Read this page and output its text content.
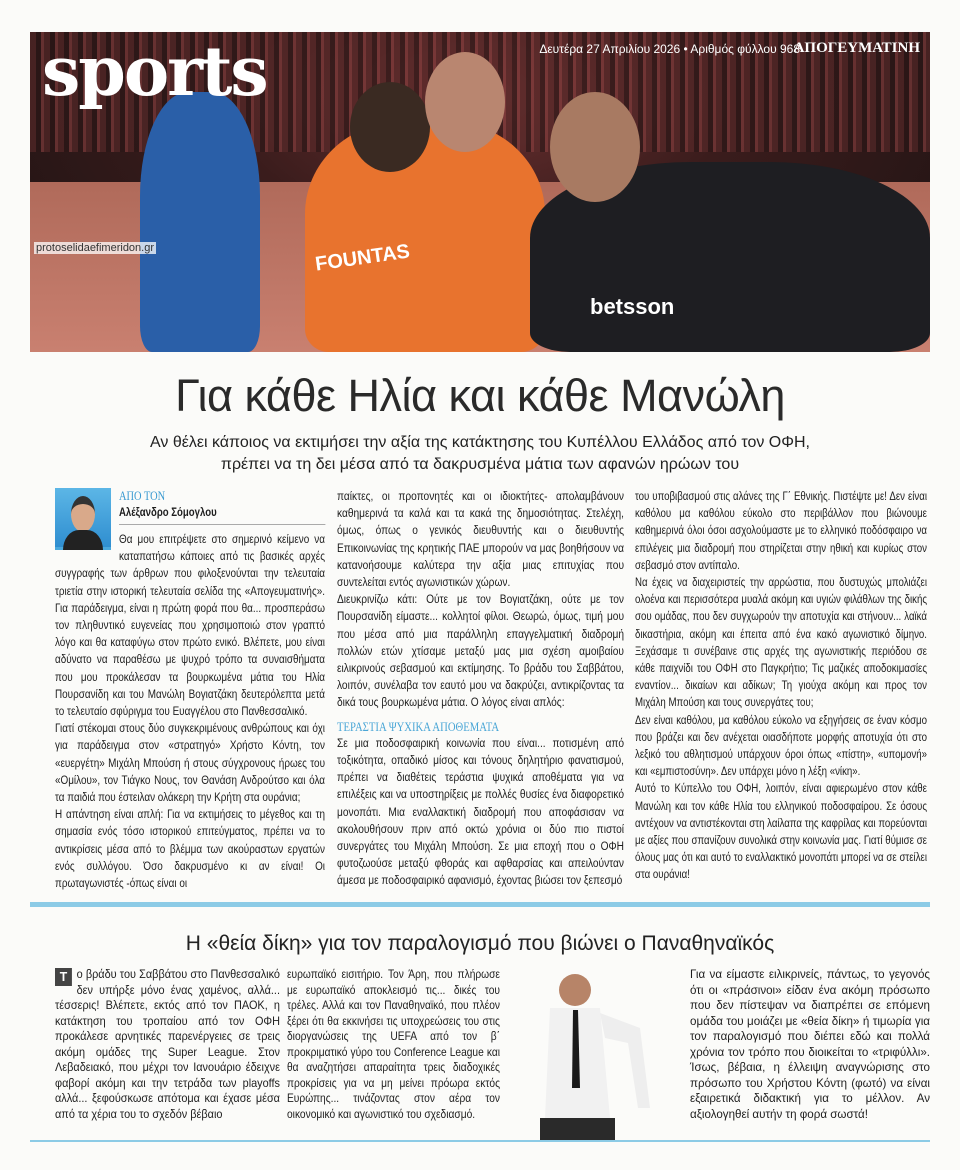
FOUNTAS
betsson
sports	Δευτέρα 27 Απριλίου 2026 • Αριθμός φύλλου 968
ΑΠΟΓΕΥΜΑΤΙΝΗ
protoselidaefimeridon.gr
Για κάθε Ηλία και κάθε Μανώλη
Αν θέλει κάποιος να εκτιμήσει την αξία της κατάκτησης του Κυπέλλου Ελλάδος από τον ΟΦΗ, πρέπει να τη δει μέσα από τα δακρυσμένα μάτια των αφανών ηρώων του
ΑΠΟ ΤΟΝ
Αλέξανδρο Σόμογλου

Θα μου επιτρέψετε στο σημερινό κείμενο να καταπατήσω κάποιες από τις βασικές αρχές συγγραφής των άρθρων που φιλοξενούνται την τελευταία τριετία στην ιστορική τελευταία σελίδα της «Απογευματινής». Για παράδειγμα, είναι η πρώτη φορά που θα... προσπεράσω τον πληθυντικό ευγενείας που χρησιμοποιώ στον γραπτό λόγο και θα καταφύγω στον πρώτο ενικό. Βλέπετε, μου είναι αδύνατο να παραθέσω με ψυχρό τρόπο τα συναισθήματα που μου προκάλεσαν τα βουρκωμένα μάτια του Ηλία Πουρσανίδη και του Μανώλη Βογιατζάκη δευτερόλεπτα μετά το τελευταίο σφύριγμα του Ευαγγέλου στο Πανθεσσαλικό.

Γιατί στέκομαι στους δύο συγκεκριμένους ανθρώπους και όχι για παράδειγμα στον «στρατηγό» Χρήστο Κόντη, τον «ευεργέτη» Μιχάλη Μπούση ή στους σύγχρονους ήρωες του «Ομίλου», τον Τιάγκο Νους, τον Θανάση Ανδρούτσο και όλα τα παιδιά που έστειλαν ολάκερη την Κρήτη στα ουράνια;

Η απάντηση είναι απλή: Για να εκτιμήσεις το μέγεθος και τη σημασία ενός τόσο ιστορικού επιτεύγματος, πρέπει να το αντικρίσεις μέσα από το βλέμμα των ακούραστων εργατών ενός συλλόγου. Όσο δακρυσμένο κι αν είναι! Οι πρωταγωνιστές -όπως είναι οι

παίκτες, οι προπονητές και οι ιδιοκτήτες- απολαμβάνουν καθημερινά τα καλά και τα κακά της δημοσιότητας. Στελέχη, όμως, όπως ο γενικός διευθυντής και ο διευθυντής Επικοινωνίας της κρητικής ΠΑΕ μπορούν να μας βοηθήσουν να κατανοήσουμε καλύτερα την αξία μιας επιτυχίας που συντελείται εντός αγωνιστικών χώρων.

Διευκρινίζω κάτι: Ούτε με τον Βογιατζάκη, ούτε με τον Πουρσανίδη είμαστε... κολλητοί φίλοι. Θεωρώ, όμως, τιμή μου που μέσα από μια παράλληλη επαγγελματική διαδρομή πολλών ετών χτίσαμε μεταξύ μας μια σχέση αμοιβαίου ειλικρινούς σεβασμού και εκτίμησης. Το βράδυ του Σαββάτου, λοιπόν, συνέλαβα τον εαυτό μου να δακρύζει, αντικρίζοντας τα δικά τους βουρκωμένα μάτια. Ο λόγος είναι απλός:

ΤΕΡΑΣΤΙΑ ΨΥΧΙΚΑ ΑΠΟΘΕΜΑΤΑ

Σε μια ποδοσφαιρική κοινωνία που είναι... ποτισμένη από τοξικότητα, οπαδικό μίσος και τόνους δηλητήριο φανατισμού, πρέπει να διαθέτεις τεράστια ψυχικά αποθέματα για να επιλέξεις και να υποστηρίξεις με πολλές θυσίες ένα διαφορετικό μονοπάτι. Μια εναλλακτική διαδρομή που αποφάσισαν να ακολουθήσουν πριν από οκτώ χρόνια οι δύο πιο πιστοί συνεργάτες του Μιχάλη Μπούση. Σε μια εποχή που ο ΟΦΗ φυτοζωούσε μεταξύ φθοράς και αφθαρσίας και απειλούνταν άμεσα με ποδοσφαιρικό αφανισμό, έχοντας βιώσει τον ξεπεσμό

του υποβιβασμού στις αλάνες της Γ΄ Εθνικής. Πιστέψτε με! Δεν είναι καθόλου μα καθόλου εύκολο στο περιβάλλον που βιώνουμε καθημερινά όλοι όσοι ασχολούμαστε με το ελληνικό ποδόσφαιρο να επιλέγεις μια διαδρομή που στηρίζεται στην ηθική και κυρίως στον σεβασμό στον αντίπαλο.

Να έχεις να διαχειριστείς την αρρώστια, που δυστυχώς μπολιάζει ολοένα και περισσότερα μυαλά ακόμη και υγιών φιλάθλων της δικής σου ομάδας, που δεν συγχωρούν την αποτυχία και στήνουν... λαϊκά δικαστήρια, ακόμη και έπειτα από ένα κακό αγωνιστικό δίμηνο. Ξεχάσαμε τι συνέβαινε στις αρχές της αγωνιστικής περιόδου σε κάθε παιχνίδι του ΟΦΗ στο Παγκρήτιο; Τις μαζικές αποδοκιμασίες εναντίον... δικαίων και αδίκων; Τη γιούχα ακόμη και προς τον Μιχάλη Μπούση και τους συνεργάτες του;

Δεν είναι καθόλου, μα καθόλου εύκολο να εξηγήσεις σε έναν κόσμο που βράζει και δεν ανέχεται οιασδήποτε μορφής αποτυχία ότι στο λεξικό του αθλητισμού υπάρχουν όροι όπως «πίστη», «υπομονή» και «εμπιστοσύνη». Δεν υπάρχει μόνο η λέξη «νίκη».

Αυτό το Κύπελλο του ΟΦΗ, λοιπόν, είναι αφιερωμένο στον κάθε Μανώλη και τον κάθε Ηλία του ελληνικού ποδοσφαίρου. Σε όσους αντέχουν να αντιστέκονται στη λαίλαπα της καφρίλας και πορεύονται με αξίες που σπανίζουν συνολικά στην κοινωνία μας. Γιατί θύμισε σε όλους μας ότι και αυτό το εναλλακτικό μονοπάτι μπορεί να σε στείλει στα ουράνια!

Η «θεία δίκη» για τον παραλογισμό που βιώνει ο Παναθηναϊκός
Τ ο βράδυ του Σαββάτου στο Πανθεσσαλικό δεν υπήρξε μόνο ένας χαμένος, αλλά... τέσσερις! Βλέπετε, εκτός από τον ΠΑΟΚ, η κατάκτηση του τροπαίου από τον ΟΦΗ προκάλεσε αρνητικές παρενέργειες σε τρεις ακόμη ομάδες της Super League. Στον Λεβαδειακό, που μέχρι τον Ιανουάριο έδειχνε φαβορί ακόμη και την τετράδα των playoffs αλλά... ξεφούσκωσε απότομα και έχασε μέσα από τα χέρια του το σχεδόν βέβαιο

ευρωπαϊκό εισιτήριο. Τον Άρη, που πλήρωσε με ευρωπαϊκό αποκλεισμό τις... δικές του τρέλες. Αλλά και τον Παναθηναϊκό, που πλέον ξέρει ότι θα εκκινήσει τις υποχρεώσεις του στις διοργανώσεις της UEFA από τον β΄ προκριματικό γύρο του Conference League και θα αναζητήσει απαραίτητα τρεις διαδοχικές προκρίσεις για να μη μείνει πρόωρα εκτός Ευρώπης... τινάζοντας στον αέρα τον οικονομικό και αγωνιστικό του σχεδιασμό.

Για να είμαστε ειλικρινείς, πάντως, το γεγονός ότι οι «πράσινοι» είδαν ένα ακόμη πρόσωπο που δεν πίστεψαν να διαπρέπει σε επόμενη ομάδα του μοιάζει με «θεία δίκη» ή τιμωρία για τον παραλογισμό που διέπει εδώ και πολλά χρόνια τον τρόπο που διοικείται το «τριφύλλι». Ίσως, βέβαια, η έλλειψη αναγνώρισης στο πρόσωπο του Χρήστου Κόντη (φωτό) να είναι εξαιρετικά διδακτική για το μέλλον. Αν αξιολογηθεί αυτήν τη φορά σωστά!
